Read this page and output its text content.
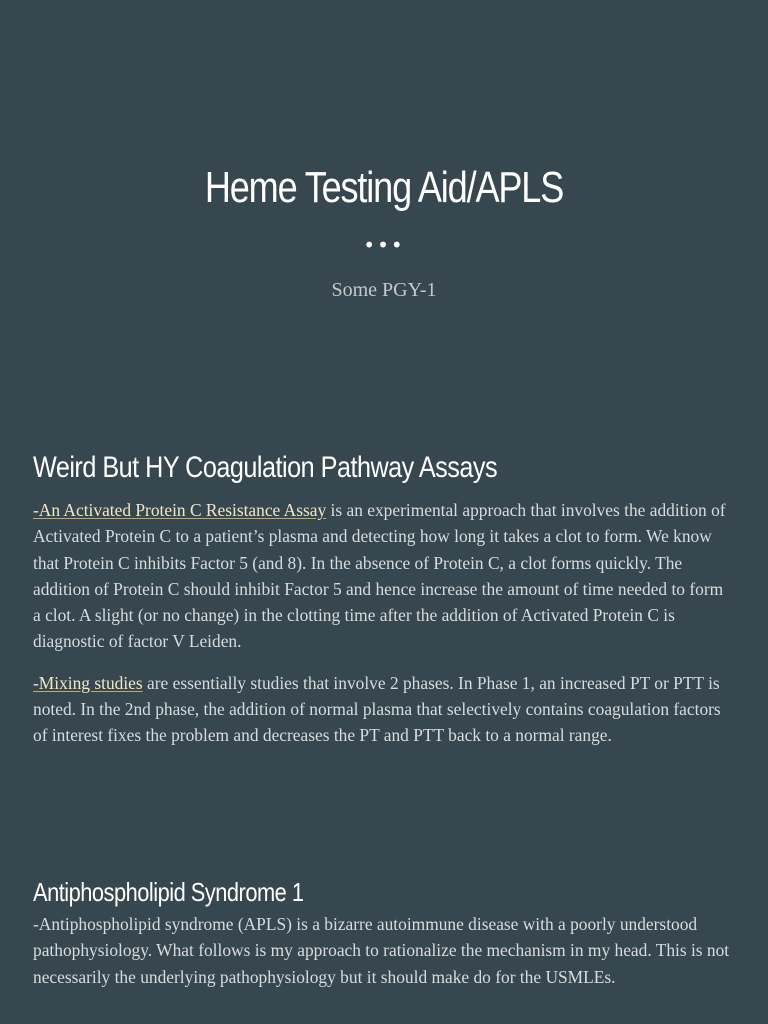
Heme Testing Aid/APLS
•••
Some PGY-1
Weird But HY Coagulation Pathway Assays

-An Activated Protein C Resistance Assay is an experimental approach that involves the addition of Activated Protein C to a patient’s plasma and detecting how long it takes a clot to form. We know that Protein C inhibits Factor 5 (and 8). In the absence of Protein C, a clot forms quickly. The addition of Protein C should inhibit Factor 5 and hence increase the amount of time needed to form a clot. A slight (or no change) in the clotting time after the addition of Activated Protein C is diagnostic of factor V Leiden.

-Mixing studies are essentially studies that involve 2 phases. In Phase 1, an increased PT or PTT is noted. In the 2nd phase, the addition of normal plasma that selectively contains coagulation factors of interest fixes the problem and decreases the PT and PTT back to a normal range.

Antiphospholipid Syndrome 1

-Antiphospholipid syndrome (APLS) is a bizarre autoimmune disease with a poorly understood pathophysiology. What follows is my approach to rationalize the mechanism in my head. This is not necessarily the underlying pathophysiology but it should make do for the USMLEs.
